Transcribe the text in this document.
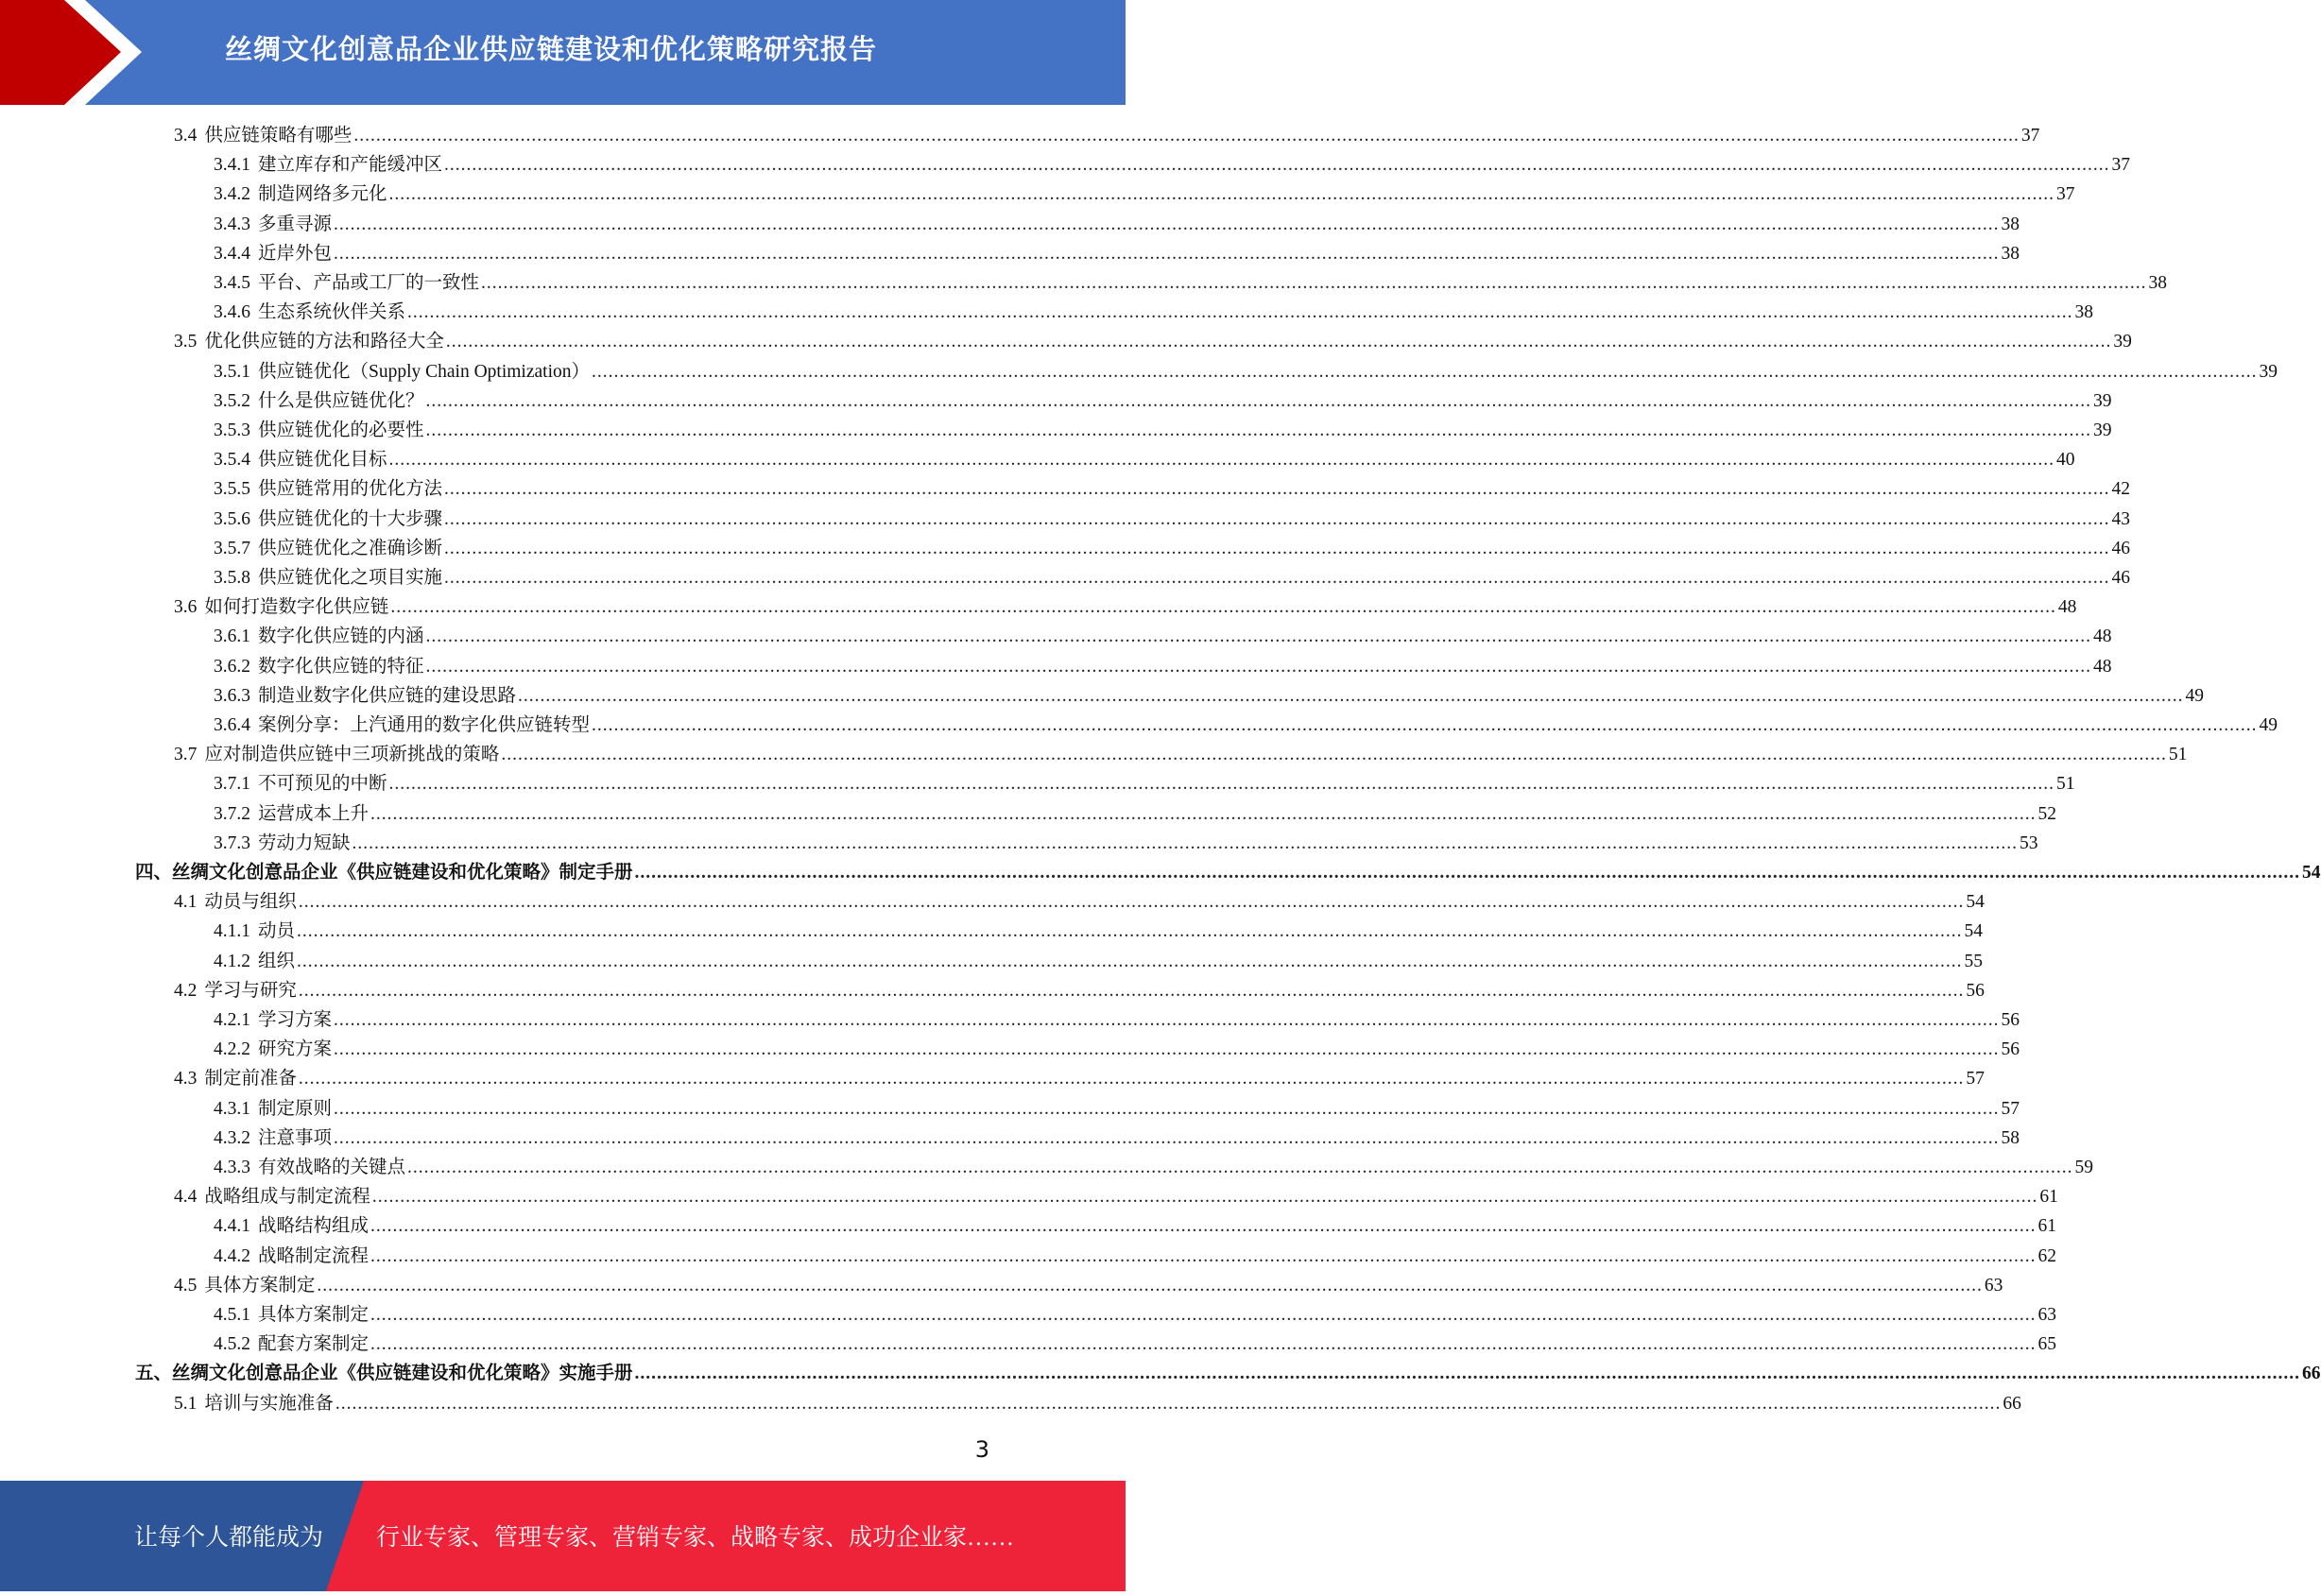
丝绸文化创意品企业供应链建设和优化策略研究报告
3.4 供应链策略有哪些 ............................................................................................................................................................................................................................................................................................................ 37
3.4.1 建立库存和产能缓冲区 ............................................................................................................................................................................................................................................................................................................ 37
3.4.2 制造网络多元化 ............................................................................................................................................................................................................................................................................................................ 37
3.4.3 多重寻源 ............................................................................................................................................................................................................................................................................................................ 38
3.4.4 近岸外包 ............................................................................................................................................................................................................................................................................................................ 38
3.4.5 平台、产品或工厂的一致性 ............................................................................................................................................................................................................................................................................................................ 38
3.4.6 生态系统伙伴关系 ............................................................................................................................................................................................................................................................................................................ 38
3.5 优化供应链的方法和路径大全 ............................................................................................................................................................................................................................................................................................................ 39
3.5.1 供应链优化（Supply Chain Optimization） ............................................................................................................................................................................................................................................................................................................ 39
3.5.2 什么是供应链优化？ ............................................................................................................................................................................................................................................................................................................ 39
3.5.3 供应链优化的必要性 ............................................................................................................................................................................................................................................................................................................ 39
3.5.4 供应链优化目标 ............................................................................................................................................................................................................................................................................................................ 40
3.5.5 供应链常用的优化方法 ............................................................................................................................................................................................................................................................................................................ 42
3.5.6 供应链优化的十大步骤 ............................................................................................................................................................................................................................................................................................................ 43
3.5.7 供应链优化之准确诊断 ............................................................................................................................................................................................................................................................................................................ 46
3.5.8 供应链优化之项目实施 ............................................................................................................................................................................................................................................................................................................ 46
3.6 如何打造数字化供应链 ............................................................................................................................................................................................................................................................................................................ 48
3.6.1 数字化供应链的内涵 ............................................................................................................................................................................................................................................................................................................ 48
3.6.2 数字化供应链的特征 ............................................................................................................................................................................................................................................................................................................ 48
3.6.3 制造业数字化供应链的建设思路 ............................................................................................................................................................................................................................................................................................................ 49
3.6.4 案例分享：上汽通用的数字化供应链转型 ............................................................................................................................................................................................................................................................................................................ 49
3.7 应对制造供应链中三项新挑战的策略 ............................................................................................................................................................................................................................................................................................................ 51
3.7.1 不可预见的中断 ............................................................................................................................................................................................................................................................................................................ 51
3.7.2 运营成本上升 ............................................................................................................................................................................................................................................................................................................ 52
3.7.3 劳动力短缺 ............................................................................................................................................................................................................................................................................................................ 53
四、 丝绸文化创意品企业《供应链建设和优化策略》制定手册 ............................................................................................................................................................................................................................................................................................................ 54
4.1 动员与组织 ............................................................................................................................................................................................................................................................................................................ 54
4.1.1 动员 ............................................................................................................................................................................................................................................................................................................ 54
4.1.2 组织 ............................................................................................................................................................................................................................................................................................................ 55
4.2 学习与研究 ............................................................................................................................................................................................................................................................................................................ 56
4.2.1 学习方案 ............................................................................................................................................................................................................................................................................................................ 56
4.2.2 研究方案 ............................................................................................................................................................................................................................................................................................................ 56
4.3 制定前准备 ............................................................................................................................................................................................................................................................................................................ 57
4.3.1 制定原则 ............................................................................................................................................................................................................................................................................................................ 57
4.3.2 注意事项 ............................................................................................................................................................................................................................................................................................................ 58
4.3.3 有效战略的关键点 ............................................................................................................................................................................................................................................................................................................ 59
4.4 战略组成与制定流程 ............................................................................................................................................................................................................................................................................................................ 61
4.4.1 战略结构组成 ............................................................................................................................................................................................................................................................................................................ 61
4.4.2 战略制定流程 ............................................................................................................................................................................................................................................................................................................ 62
4.5 具体方案制定 ............................................................................................................................................................................................................................................................................................................ 63
4.5.1 具体方案制定 ............................................................................................................................................................................................................................................................................................................ 63
4.5.2 配套方案制定 ............................................................................................................................................................................................................................................................................................................ 65
五、 丝绸文化创意品企业《供应链建设和优化策略》实施手册 ............................................................................................................................................................................................................................................................................................................ 66
5.1 培训与实施准备 ............................................................................................................................................................................................................................................................................................................ 66
3
让每个人都能成为 行业专家、管理专家、营销专家、战略专家、成功企业家……
